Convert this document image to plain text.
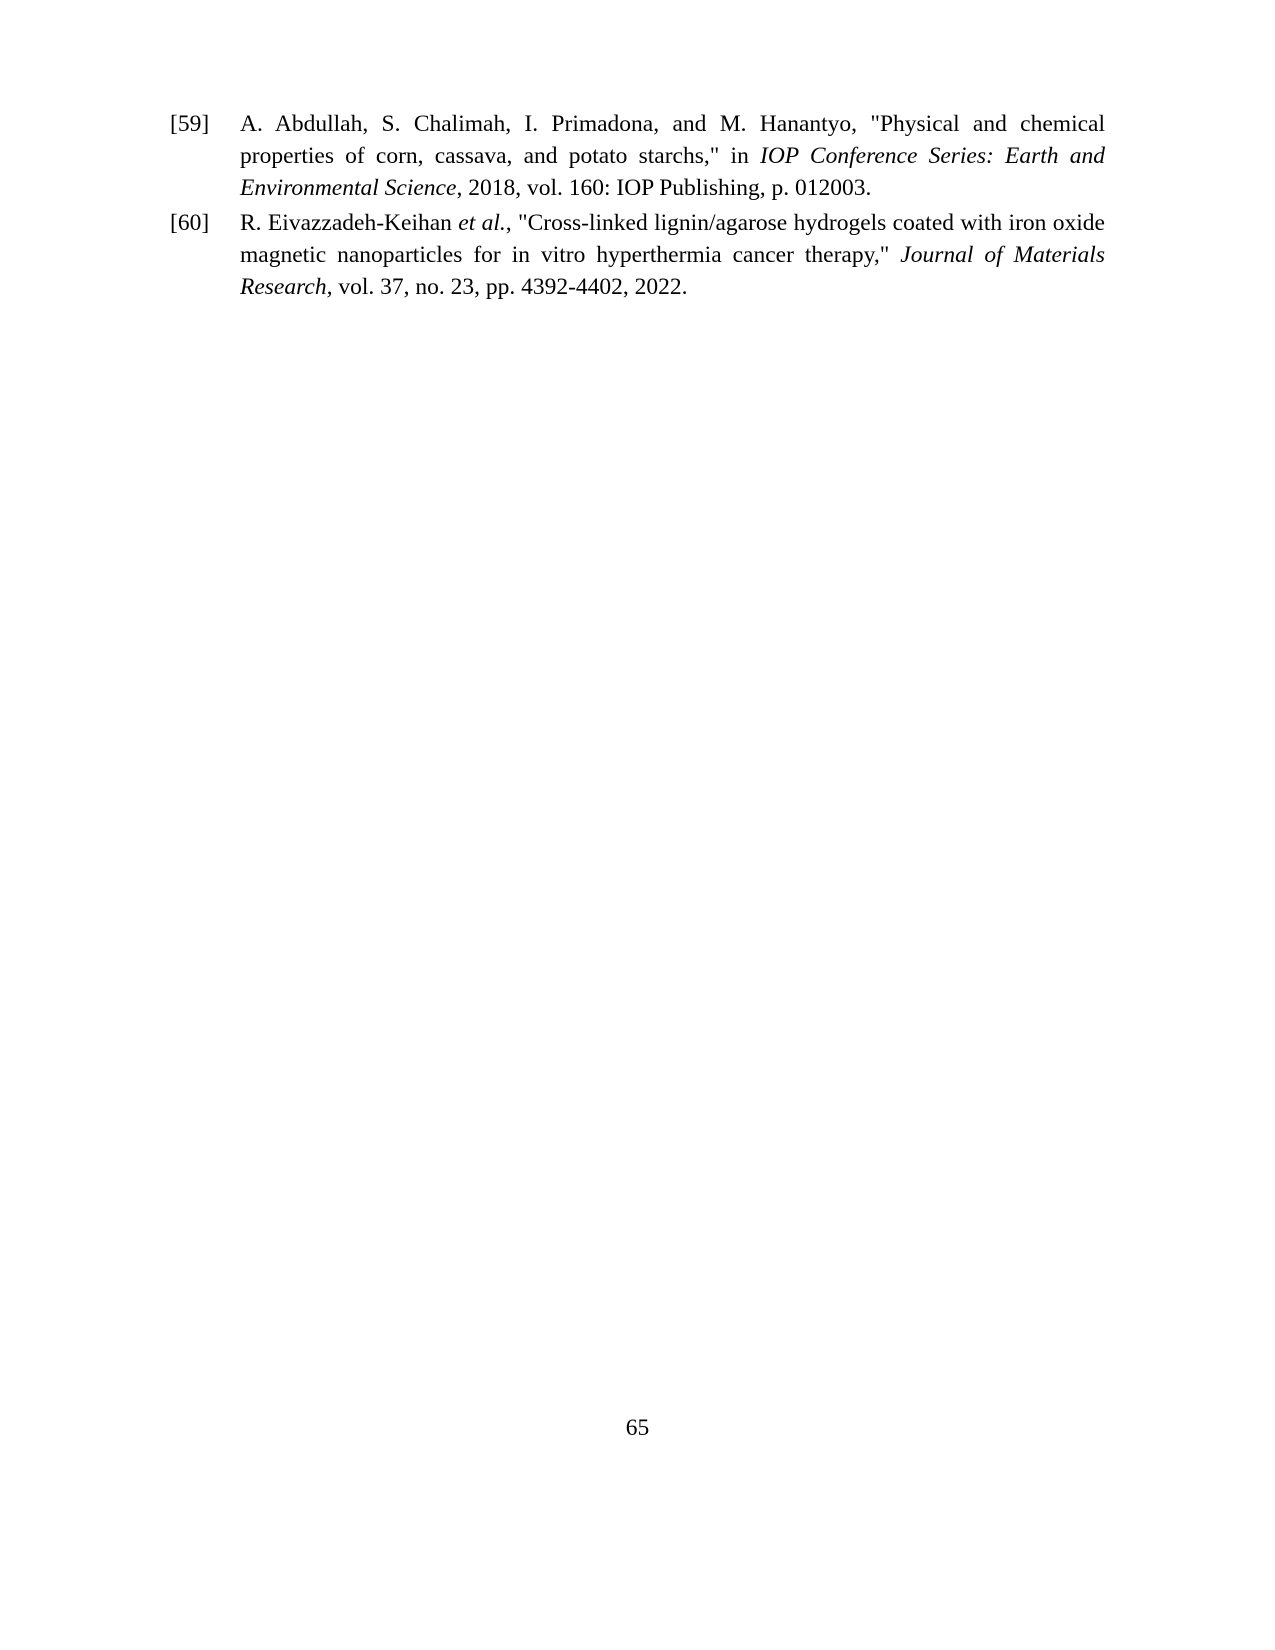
[59]	A. Abdullah, S. Chalimah, I. Primadona, and M. Hanantyo, "Physical and chemical properties of corn, cassava, and potato starchs," in IOP Conference Series: Earth and Environmental Science, 2018, vol. 160: IOP Publishing, p. 012003.
[60]	R. Eivazzadeh-Keihan et al., "Cross-linked lignin/agarose hydrogels coated with iron oxide magnetic nanoparticles for in vitro hyperthermia cancer therapy," Journal of Materials Research, vol. 37, no. 23, pp. 4392-4402, 2022.
65
